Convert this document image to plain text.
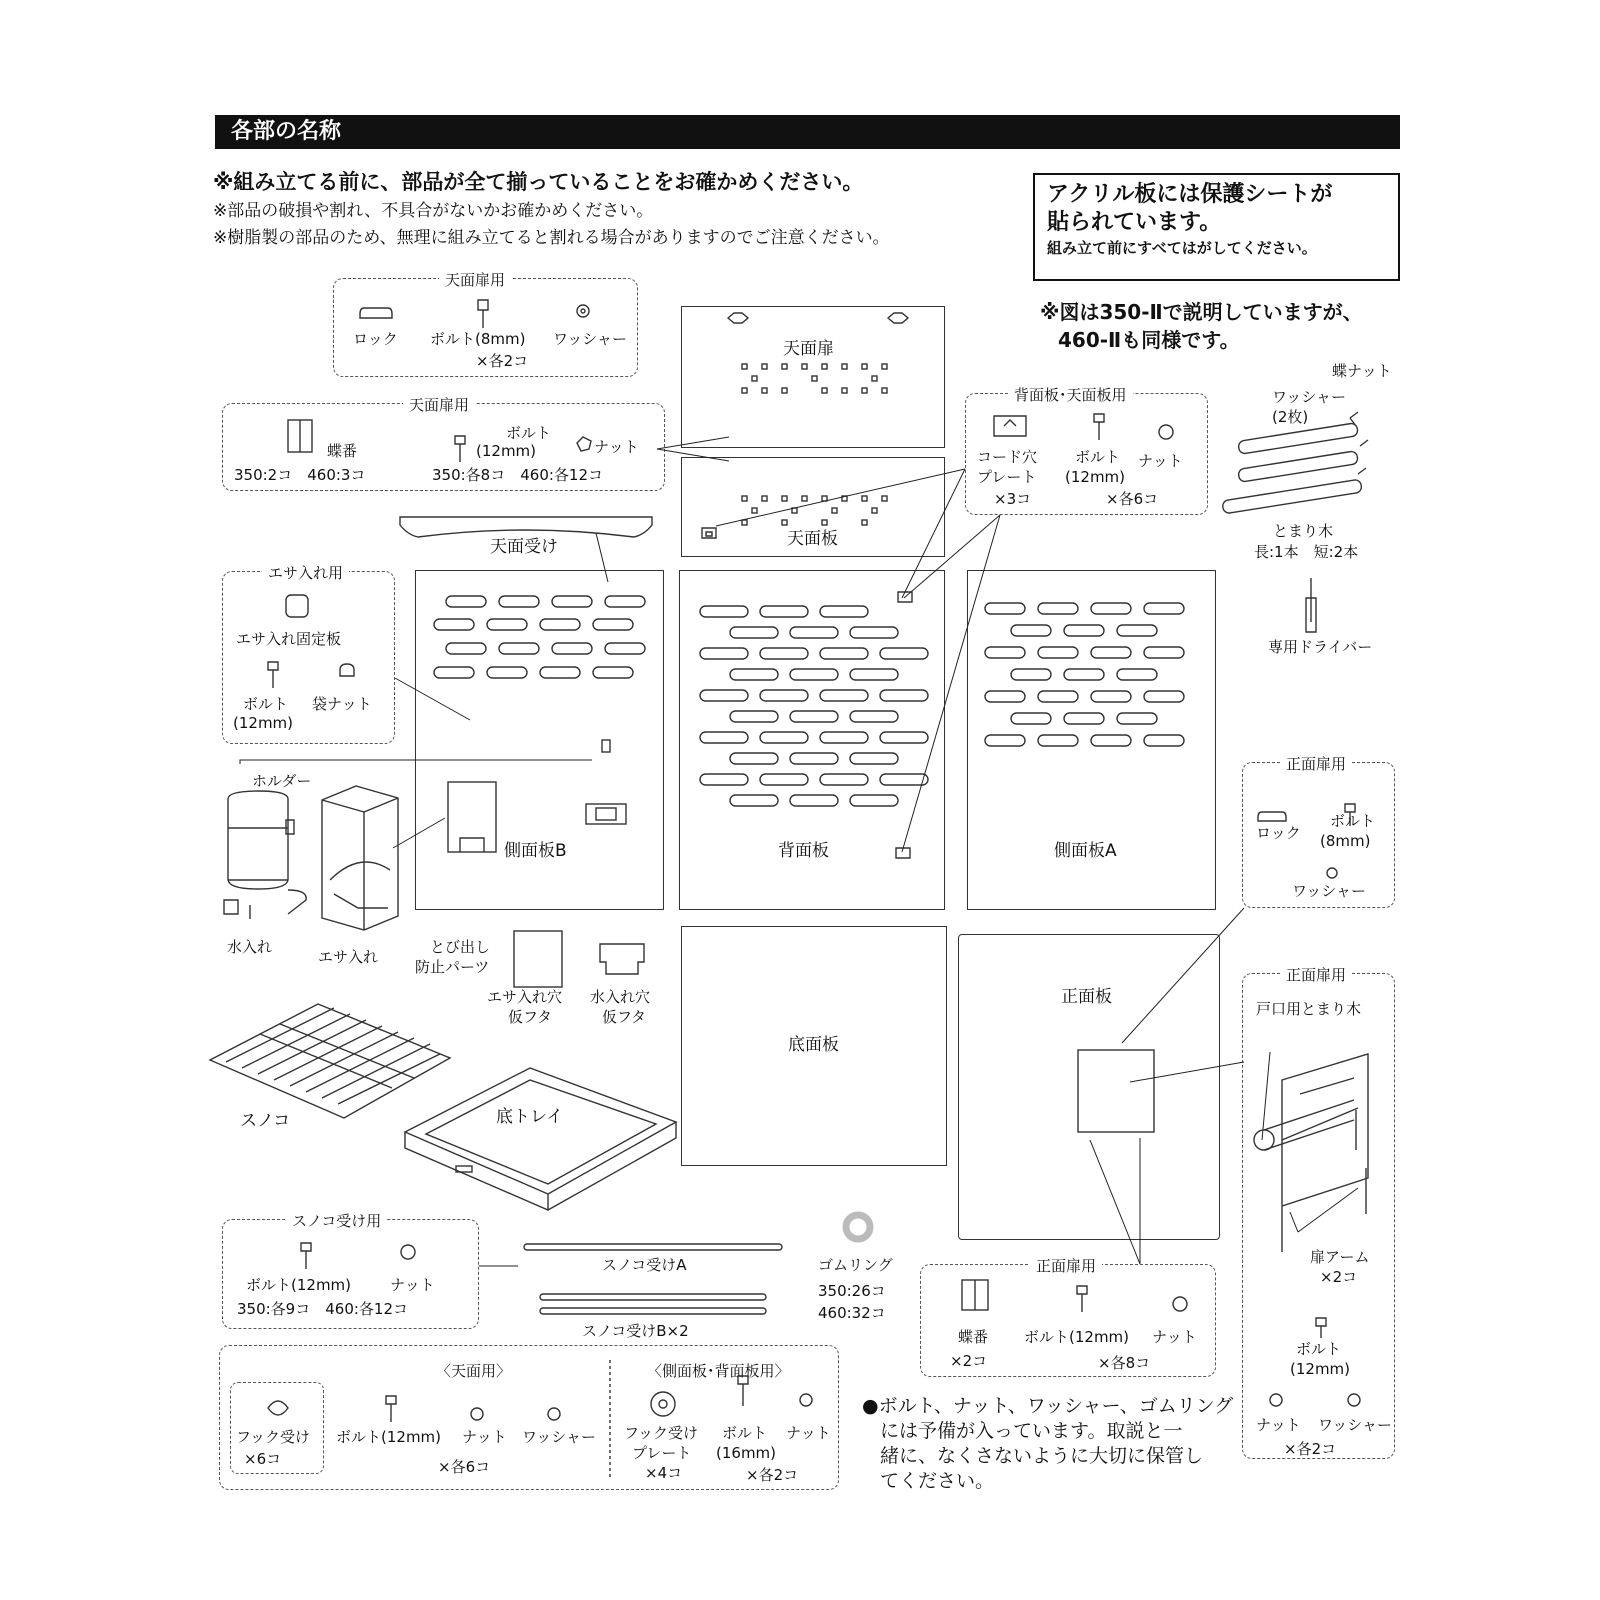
各部の名称
※組み立てる前に、部品が全て揃っていることをお確かめください。
※部品の破損や割れ、不具合がないかお確かめください。
※樹脂製の部品のため、無理に組み立てると割れる場合がありますのでご注意ください。
アクリル板には保護シートが
貼られています。
組み立て前にすべてはがしてください。
※図は350-Ⅱで説明していますが、
460-Ⅱも同様です。
天面扉用
天面扉用
背面板･天面板用
エサ入れ用
正面扉用
正面扉用
スノコ受け用
正面扉用
ロック ボルト(8mm) ワッシャー
×各2コ
蝶番
ボルト
(12mm)	ナット
350:2コ　460:3コ	350:各8コ　460:各12コ
コード穴
プレート
×3コ
ボルト
(12mm)
ナット
×各6コ
蝶ナット
ワッシャー
(2枚)
とまり木
長:1本　短:2本
専用ドライバー
天面扉
天面板
天面受け
側面板B	背面板	側面板A
底面板
正面板
エサ入れ固定板
ボルト
(12mm)
袋ナット
ホルダー
水入れ
エサ入れ
とび出し
防止パーツ
エサ入れ穴
仮フタ
水入れ穴
仮フタ
スノコ	底トレイ
ロック
ボルト
(8mm)
ワッシャー
戸口用とまり木
扉アーム
×2コ
ボルト
(12mm)
ナット ワッシャー
×各2コ
ボルト(12mm)	ナット
350:各9コ　460:各12コ
スノコ受けA
スノコ受けB×2
ゴムリング
350:26コ
460:32コ
蝶番
×2コ
ボルト(12mm) ナット
×各8コ
〈天面用〉	〈側面板･背面板用〉
フック受け
×6コ
ボルト(12mm) ナット ワッシャー
×各6コ
フック受け
プレート
×4コ
ボルト
(16mm)
ナット
×各2コ
●ボルト、ナット、ワッシャー、ゴムリング
には予備が入っています。取説と一
緒に、なくさないように大切に保管し
てください。
